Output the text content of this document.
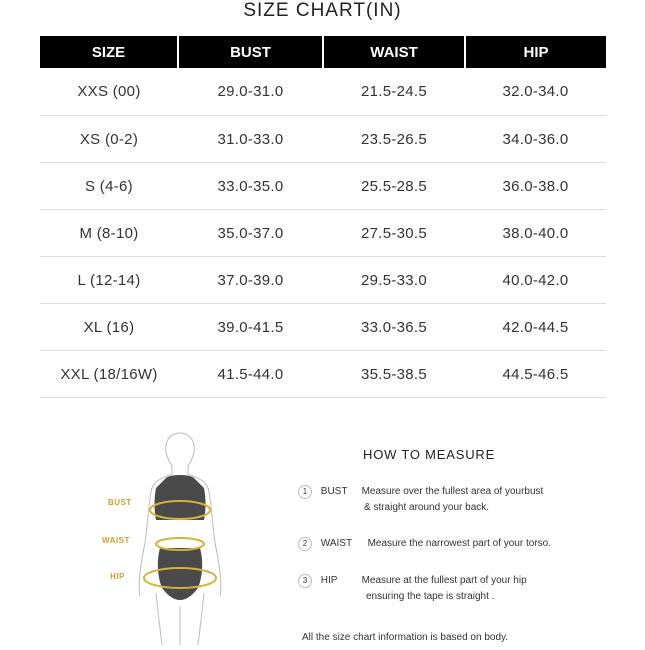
SIZE CHART(IN)
SIZE	BUST	WAIST	HIP
XXS (00)	29.0-31.0	21.5-24.5	32.0-34.0
XS (0-2)	31.0-33.0	23.5-26.5	34.0-36.0
S (4-6)	33.0-35.0	25.5-28.5	36.0-38.0
M (8-10)	35.0-37.0	27.5-30.5	38.0-40.0
L (12-14)	37.0-39.0	29.5-33.0	40.0-42.0
XL (16)	39.0-41.5	33.0-36.5	42.0-44.5
XXL (18/16W)	41.5-44.0	35.5-38.5	44.5-46.5
BUST
WAIST
HIP
HOW TO MEASURE
1 BUST Measure over the fullest area of yourbust
& straight around your back.
2 WAIST Measure the narrowest part of your torso.
3 HIP Measure at the fullest part of your hip
ensuring the tape is straight .
All the size chart information is based on body.
